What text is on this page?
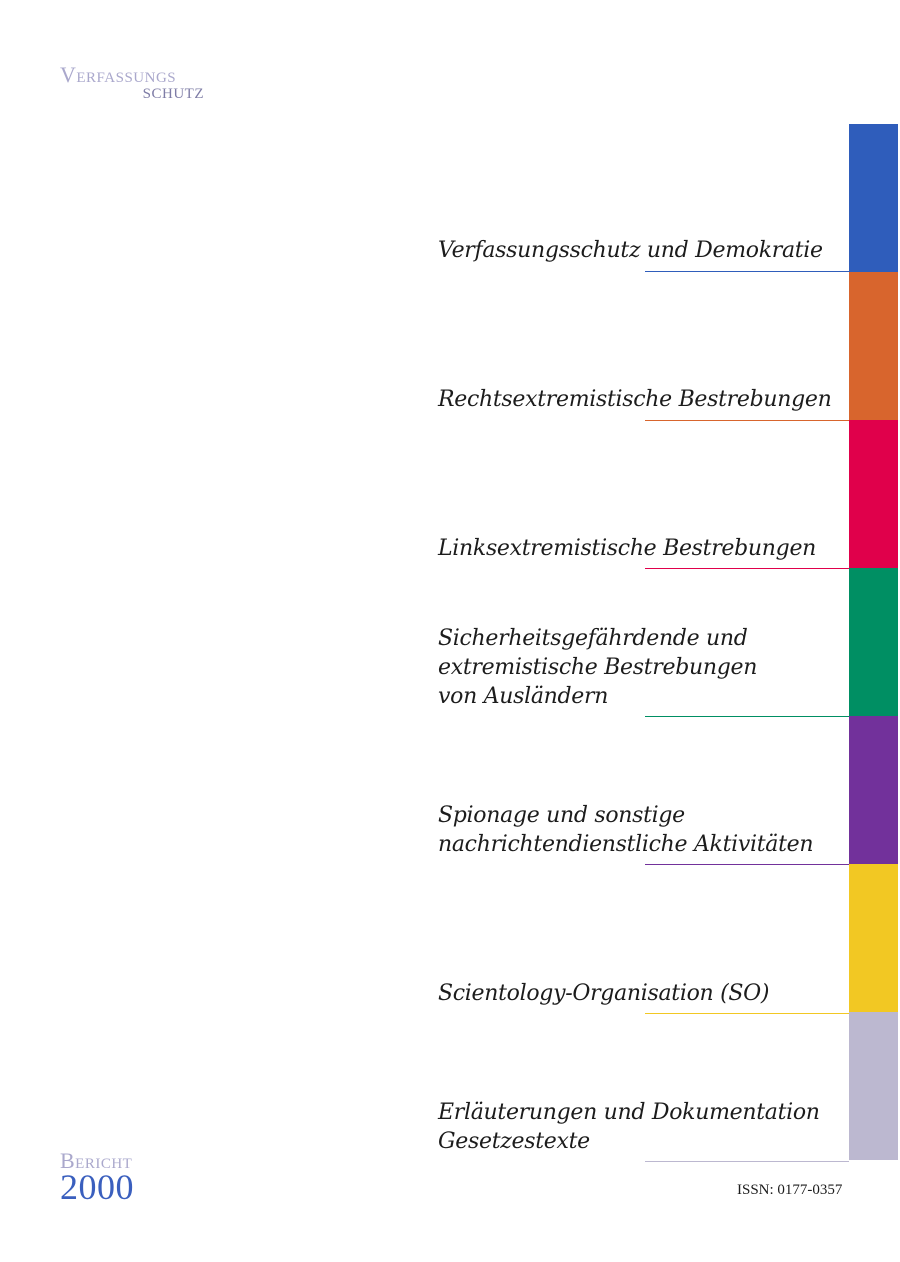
Verfassungs
SCHUTZ
Verfassungsschutz und Demokratie
Rechtsextremistische Bestrebungen
Linksextremistische Bestrebungen
Sicherheitsgefährdende und
extremistische Bestrebungen
von Ausländern
Spionage und sonstige
nachrichtendienstliche Aktivitäten
Scientology-Organisation (SO)
Erläuterungen und Dokumentation
Gesetzestexte
Bericht
2000	ISSN: 0177-0357
